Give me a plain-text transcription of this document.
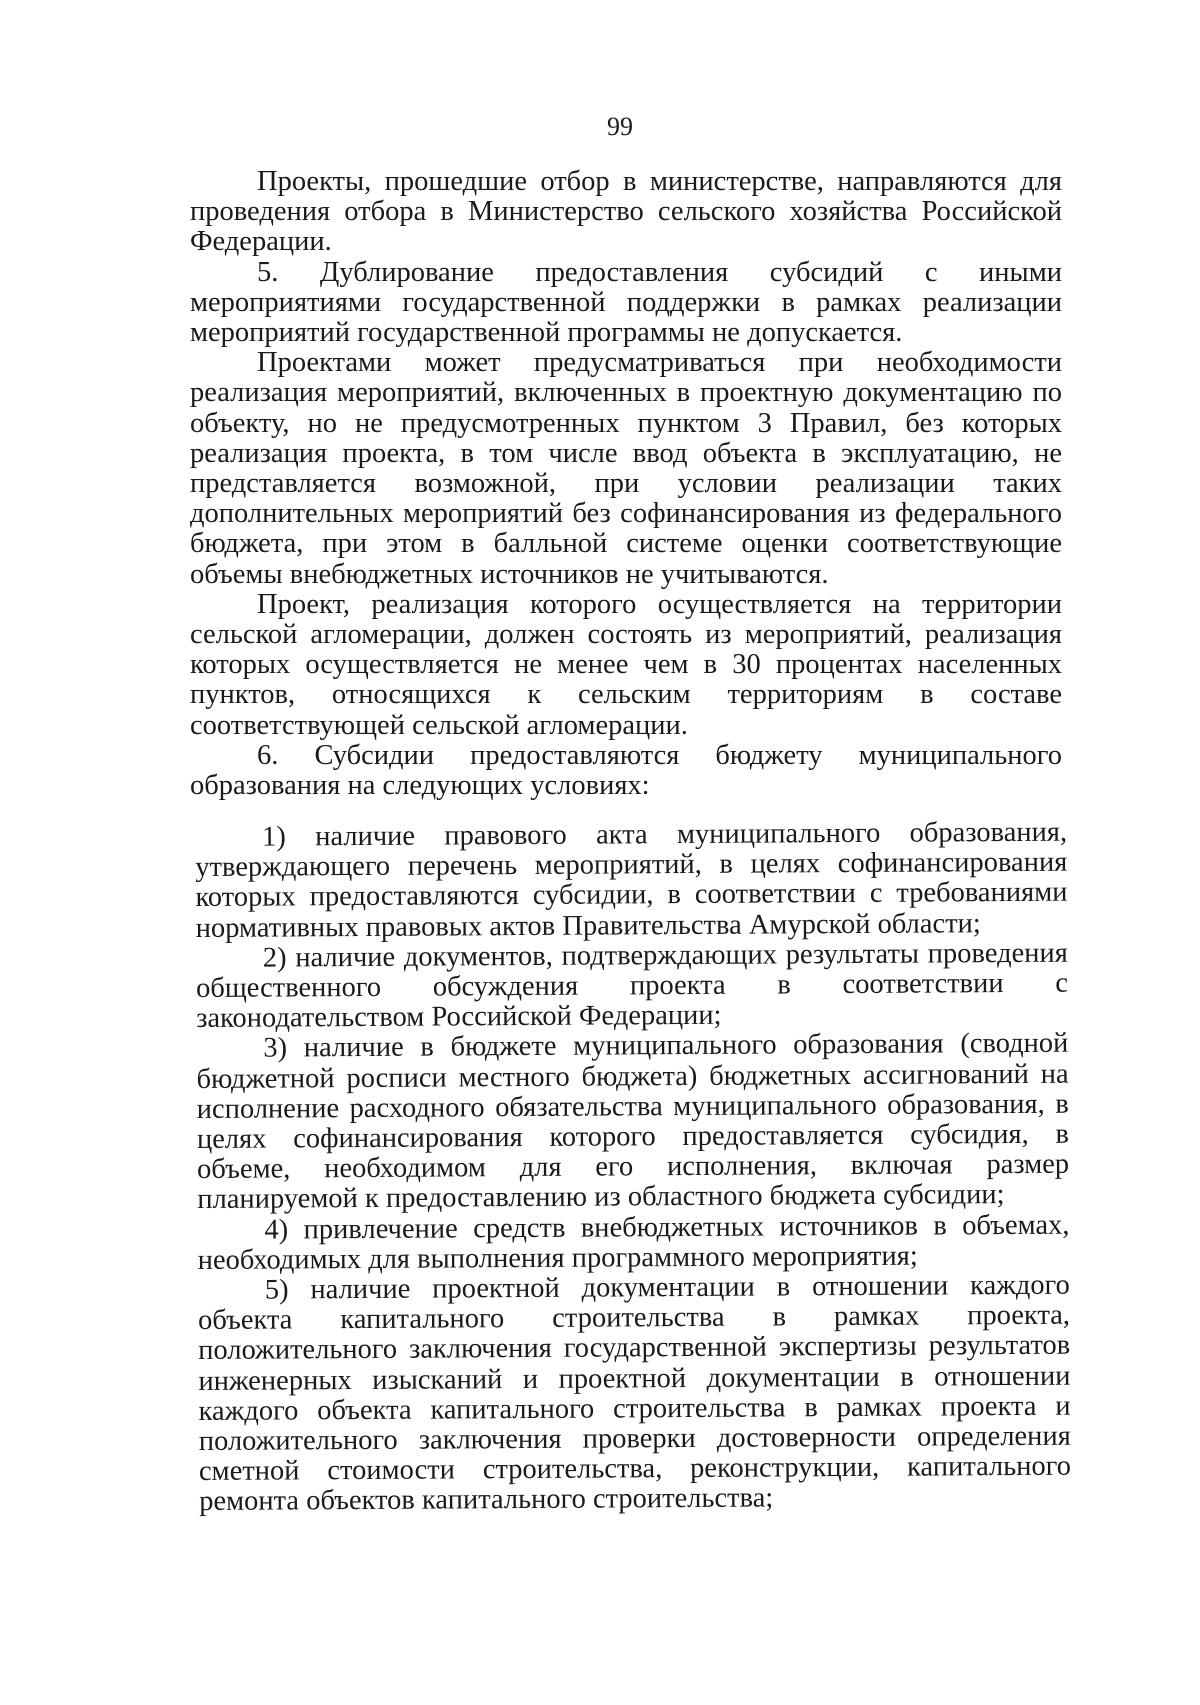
99

Проекты, прошедшие отбор в министерстве, направляются для проведения отбора в Министерство сельского хозяйства Российской Федерации.

5. Дублирование предоставления субсидий с иными мероприятиями государственной поддержки в рамках реализации мероприятий государственной программы не допускается.

Проектами может предусматриваться при необходимости реализация мероприятий, включенных в проектную документацию по объекту, но не предусмотренных пунктом 3 Правил, без которых реализация проекта, в том числе ввод объекта в эксплуатацию, не представляется возможной, при условии реализации таких дополнительных мероприятий без софинансирования из федерального бюджета, при этом в балльной системе оценки соответствующие объемы внебюджетных источников не учитываются.

Проект, реализация которого осуществляется на территории сельской агломерации, должен состоять из мероприятий, реализация которых осуществляется не менее чем в 30 процентах населенных пунктов, относящихся к сельским территориям в составе соответствующей сельской агломерации.

6. Субсидии предоставляются бюджету муниципального образования на следующих условиях:

1) наличие правового акта муниципального образования, утверждающего перечень мероприятий, в целях софинансирования которых предоставляются субсидии, в соответствии с требованиями нормативных правовых актов Правительства Амурской области;

2) наличие документов, подтверждающих результаты проведения общественного обсуждения проекта в соответствии с законодательством Российской Федерации;

3) наличие в бюджете муниципального образования (сводной бюджетной росписи местного бюджета) бюджетных ассигнований на исполнение расходного обязательства муниципального образования, в целях софинансирования которого предоставляется субсидия, в объеме, необходимом для его исполнения, включая размер планируемой к предоставлению из областного бюджета субсидии;

4) привлечение средств внебюджетных источников в объемах, необходимых для выполнения программного мероприятия;

5) наличие проектной документации в отношении каждого объекта капитального строительства в рамках проекта, положительного заключения государственной экспертизы результатов инженерных изысканий и проектной документации в отношении каждого объекта капитального строительства в рамках проекта и положительного заключения проверки достоверности определения сметной стоимости строительства, реконструкции, капитального ремонта объектов капитального строительства;
